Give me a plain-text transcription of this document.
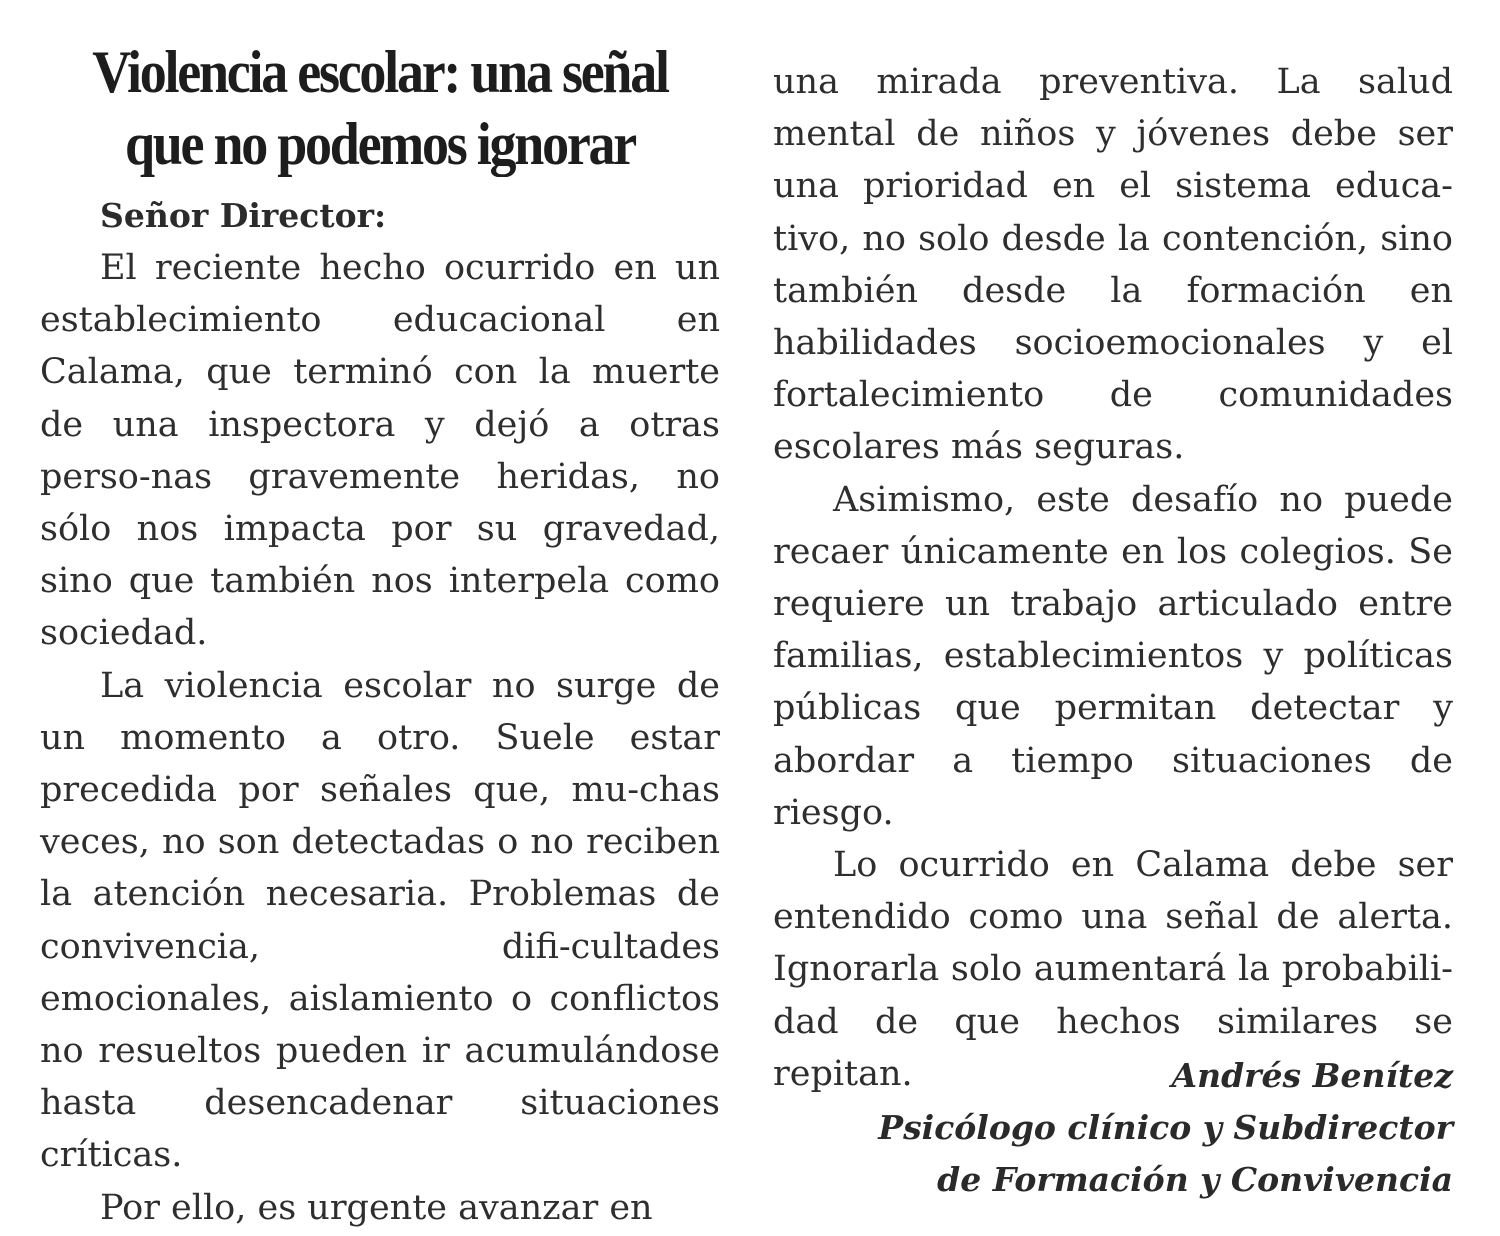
Violencia escolar: una señal que no podemos ignorar

Señor Director:

El reciente hecho ocurrido en un establecimiento educacional en Calama, que terminó con la muerte de una inspectora y dejó a otras perso-nas gravemente heridas, no sólo nos impacta por su gravedad, sino que también nos interpela como sociedad.

La violencia escolar no surge de un momento a otro. Suele estar precedida por señales que, mu-chas veces, no son detectadas o no reciben la atención necesaria. Problemas de convivencia, difi-cultades emocionales, aislamiento o conflictos no resueltos pueden ir acumulándose hasta desencadenar situaciones críticas.

Por ello, es urgente avanzar en

una mirada preventiva. La salud mental de niños y jóvenes debe ser una prioridad en el sistema educa-tivo, no solo desde la contención, sino también desde la formación en habilidades socioemocionales y el fortalecimiento de comunidades escolares más seguras.

Asimismo, este desafío no puede recaer únicamente en los colegios. Se requiere un trabajo articulado entre familias, establecimientos y políticas públicas que permitan detectar y abordar a tiempo situaciones de riesgo.

Lo ocurrido en Calama debe ser entendido como una señal de alerta. Ignorarla solo aumentará la probabili-dad de que hechos similares se repitan.	Andrés Benítez
Psicólogo clínico y Subdirector
de Formación y Convivencia
